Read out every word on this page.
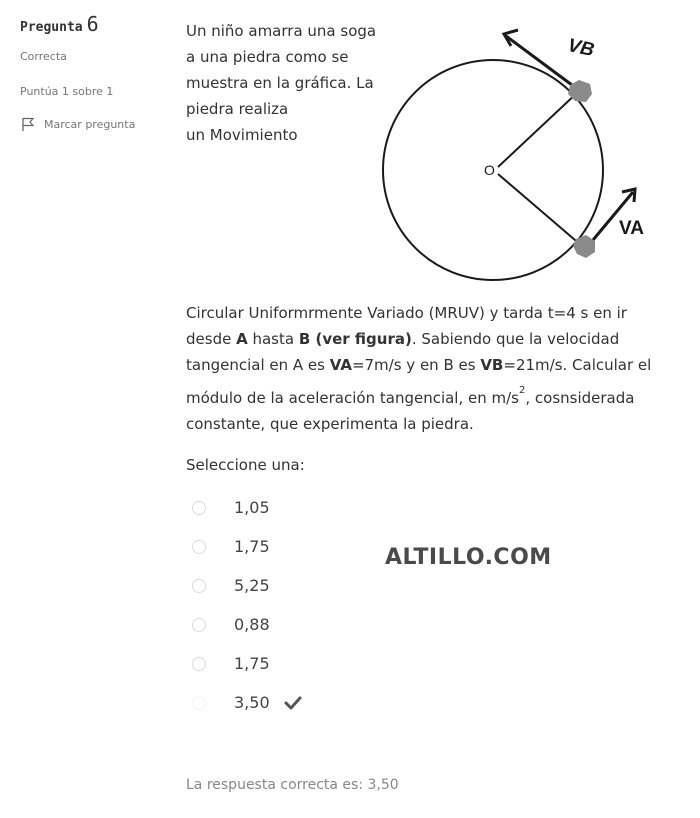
Pregunta 6
Correcta
Puntúa 1 sobre 1
Marcar pregunta
Un niño amarra una soga
a una piedra como se
muestra en la gráfica. La
piedra realiza
un Movimiento
VB
VA
O
Circular Uniformrmente Variado (MRUV) y tarda t=4 s en ir
desde A hasta B (ver figura). Sabiendo que la velocidad
tangencial en A es VA=7m/s y en B es VB=21m/s. Calcular el
módulo de la aceleración tangencial, en $m/s^2$, cosnsiderada
constante, que experimenta la piedra.
Seleccione una:
1,05
1,75
5,25
0,88
1,75
3,50
ALTILLO.COM
La respuesta correcta es: 3,50
